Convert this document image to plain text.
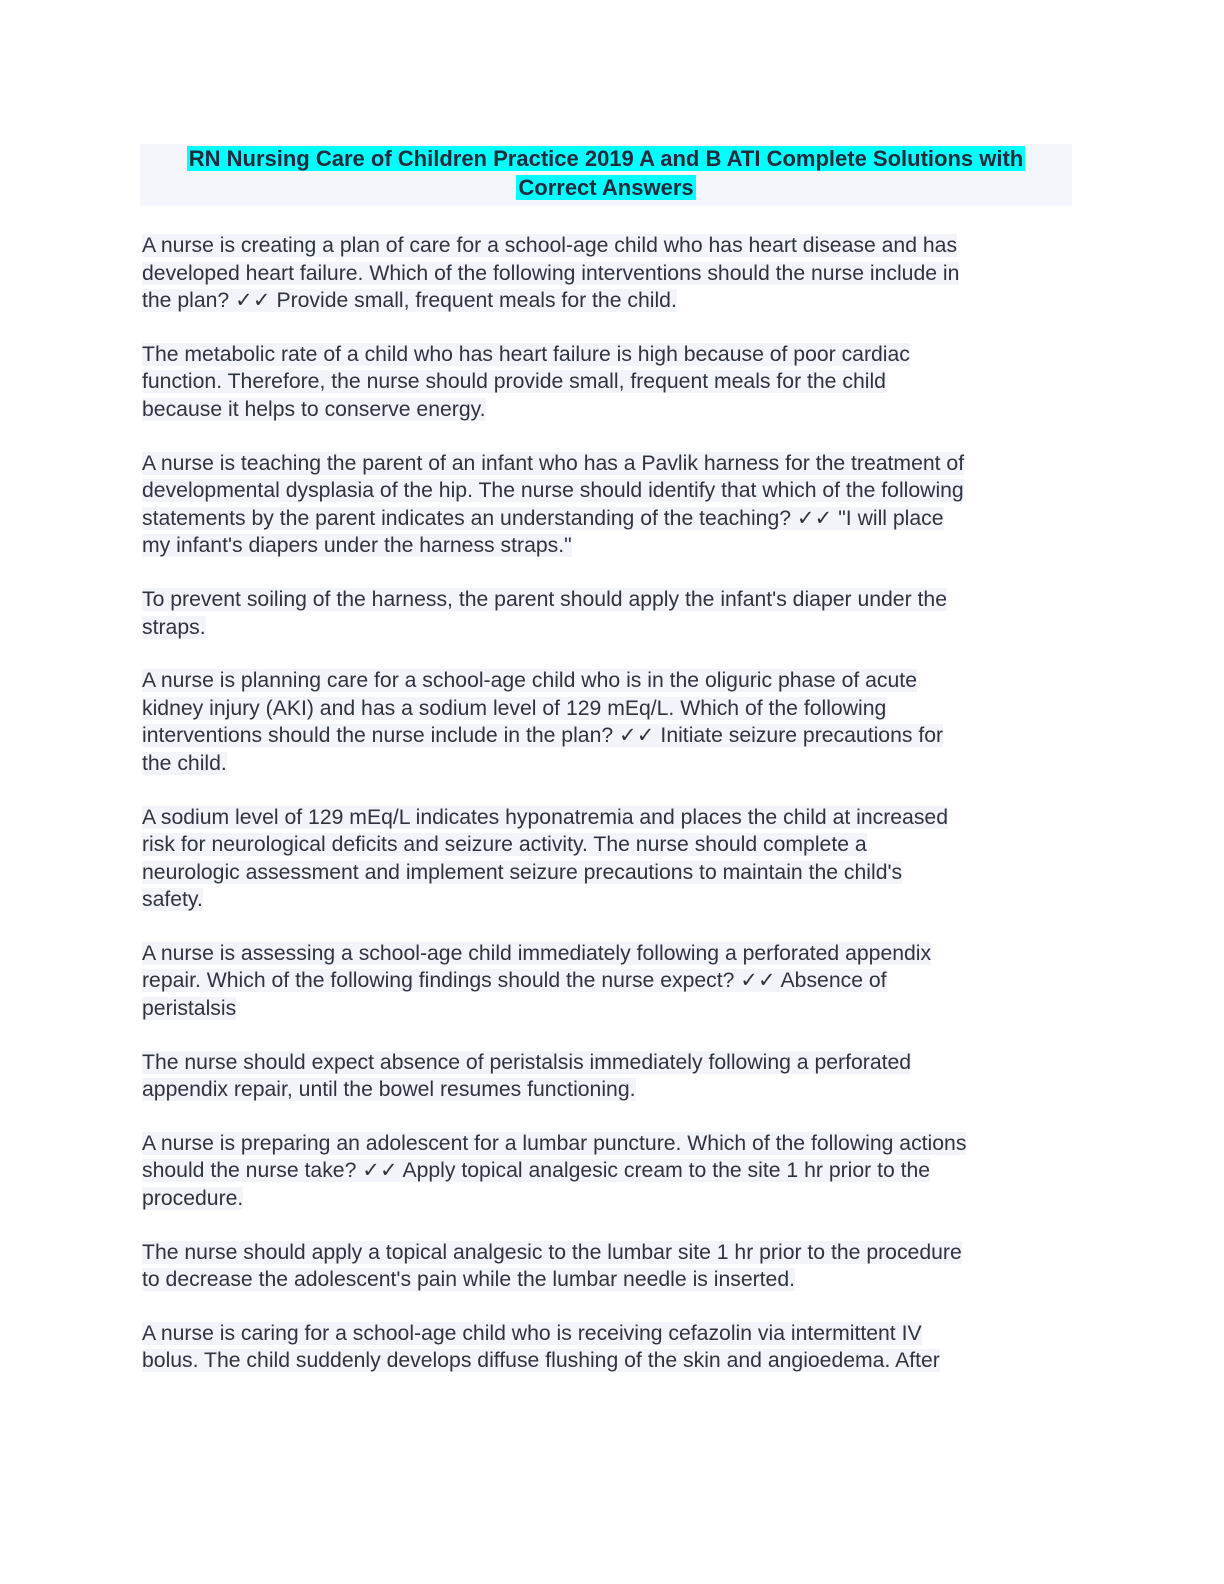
RN Nursing Care of Children Practice 2019 A and B ATI Complete Solutions with
Correct Answers
A nurse is creating a plan of care for a school-age child who has heart disease and has
developed heart failure. Which of the following interventions should the nurse include in
the plan? ✓✓ Provide small, frequent meals for the child.
The metabolic rate of a child who has heart failure is high because of poor cardiac
function. Therefore, the nurse should provide small, frequent meals for the child
because it helps to conserve energy.
A nurse is teaching the parent of an infant who has a Pavlik harness for the treatment of
developmental dysplasia of the hip. The nurse should identify that which of the following
statements by the parent indicates an understanding of the teaching? ✓✓ "I will place
my infant's diapers under the harness straps."
To prevent soiling of the harness, the parent should apply the infant's diaper under the
straps.
A nurse is planning care for a school-age child who is in the oliguric phase of acute
kidney injury (AKI) and has a sodium level of 129 mEq/L. Which of the following
interventions should the nurse include in the plan? ✓✓ Initiate seizure precautions for
the child.
A sodium level of 129 mEq/L indicates hyponatremia and places the child at increased
risk for neurological deficits and seizure activity. The nurse should complete a
neurologic assessment and implement seizure precautions to maintain the child's
safety.
A nurse is assessing a school-age child immediately following a perforated appendix
repair. Which of the following findings should the nurse expect? ✓✓ Absence of
peristalsis
The nurse should expect absence of peristalsis immediately following a perforated
appendix repair, until the bowel resumes functioning.
A nurse is preparing an adolescent for a lumbar puncture. Which of the following actions
should the nurse take? ✓✓ Apply topical analgesic cream to the site 1 hr prior to the
procedure.
The nurse should apply a topical analgesic to the lumbar site 1 hr prior to the procedure
to decrease the adolescent's pain while the lumbar needle is inserted.
A nurse is caring for a school-age child who is receiving cefazolin via intermittent IV
bolus. The child suddenly develops diffuse flushing of the skin and angioedema. After
